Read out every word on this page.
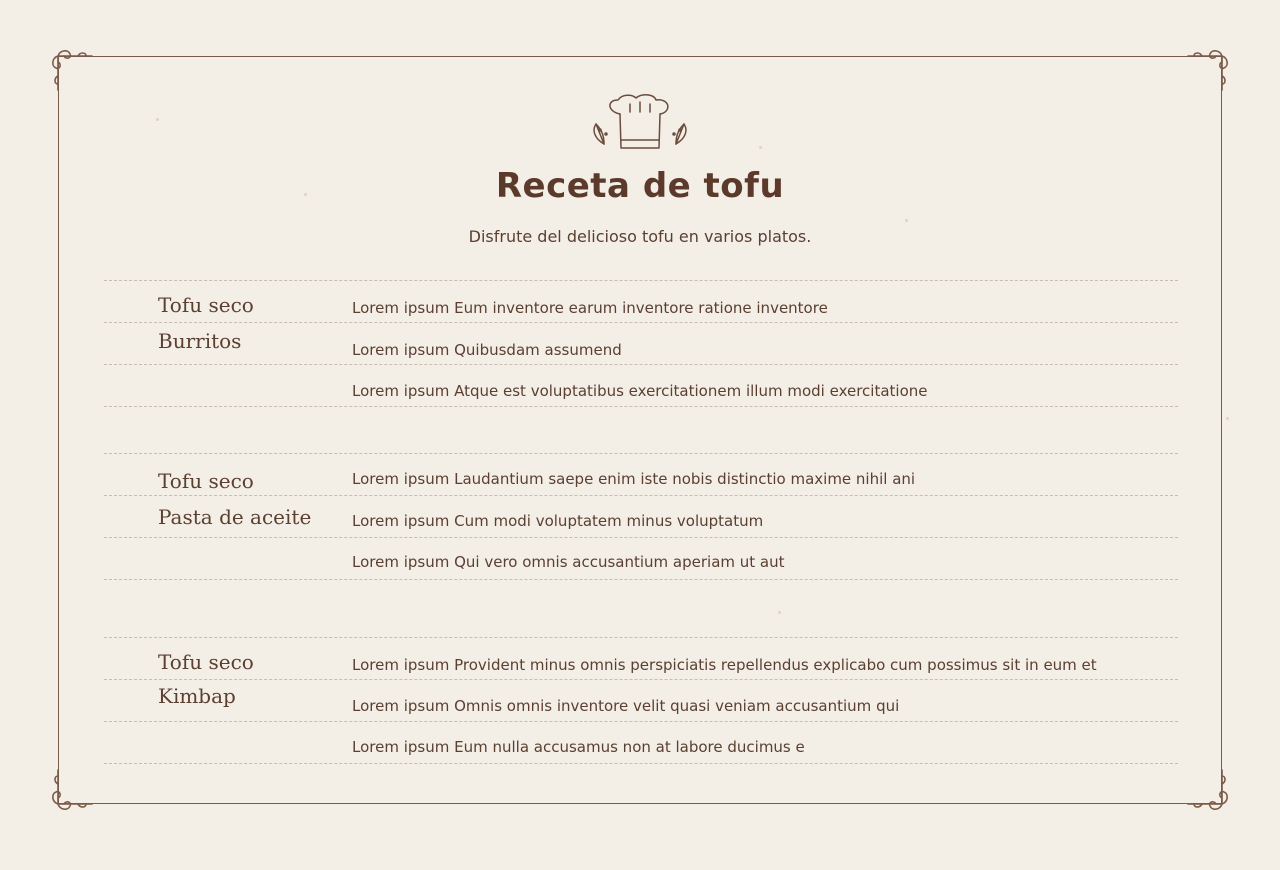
Receta de tofu
Disfrute del delicioso tofu en varios platos.
Tofu seco
Burritos
Lorem ipsum Eum inventore earum inventore ratione inventore
Lorem ipsum Quibusdam assumend
Lorem ipsum Atque est voluptatibus exercitationem illum modi exercitatione
Tofu seco
Pasta de aceite
Lorem ipsum Laudantium saepe enim iste nobis distinctio maxime nihil ani
Lorem ipsum Cum modi voluptatem minus voluptatum
Lorem ipsum Qui vero omnis accusantium aperiam ut aut
Tofu seco
Kimbap
Lorem ipsum Provident minus omnis perspiciatis repellendus explicabo cum possimus sit in eum et
Lorem ipsum Omnis omnis inventore velit quasi veniam accusantium qui
Lorem ipsum Eum nulla accusamus non at labore ducimus e
